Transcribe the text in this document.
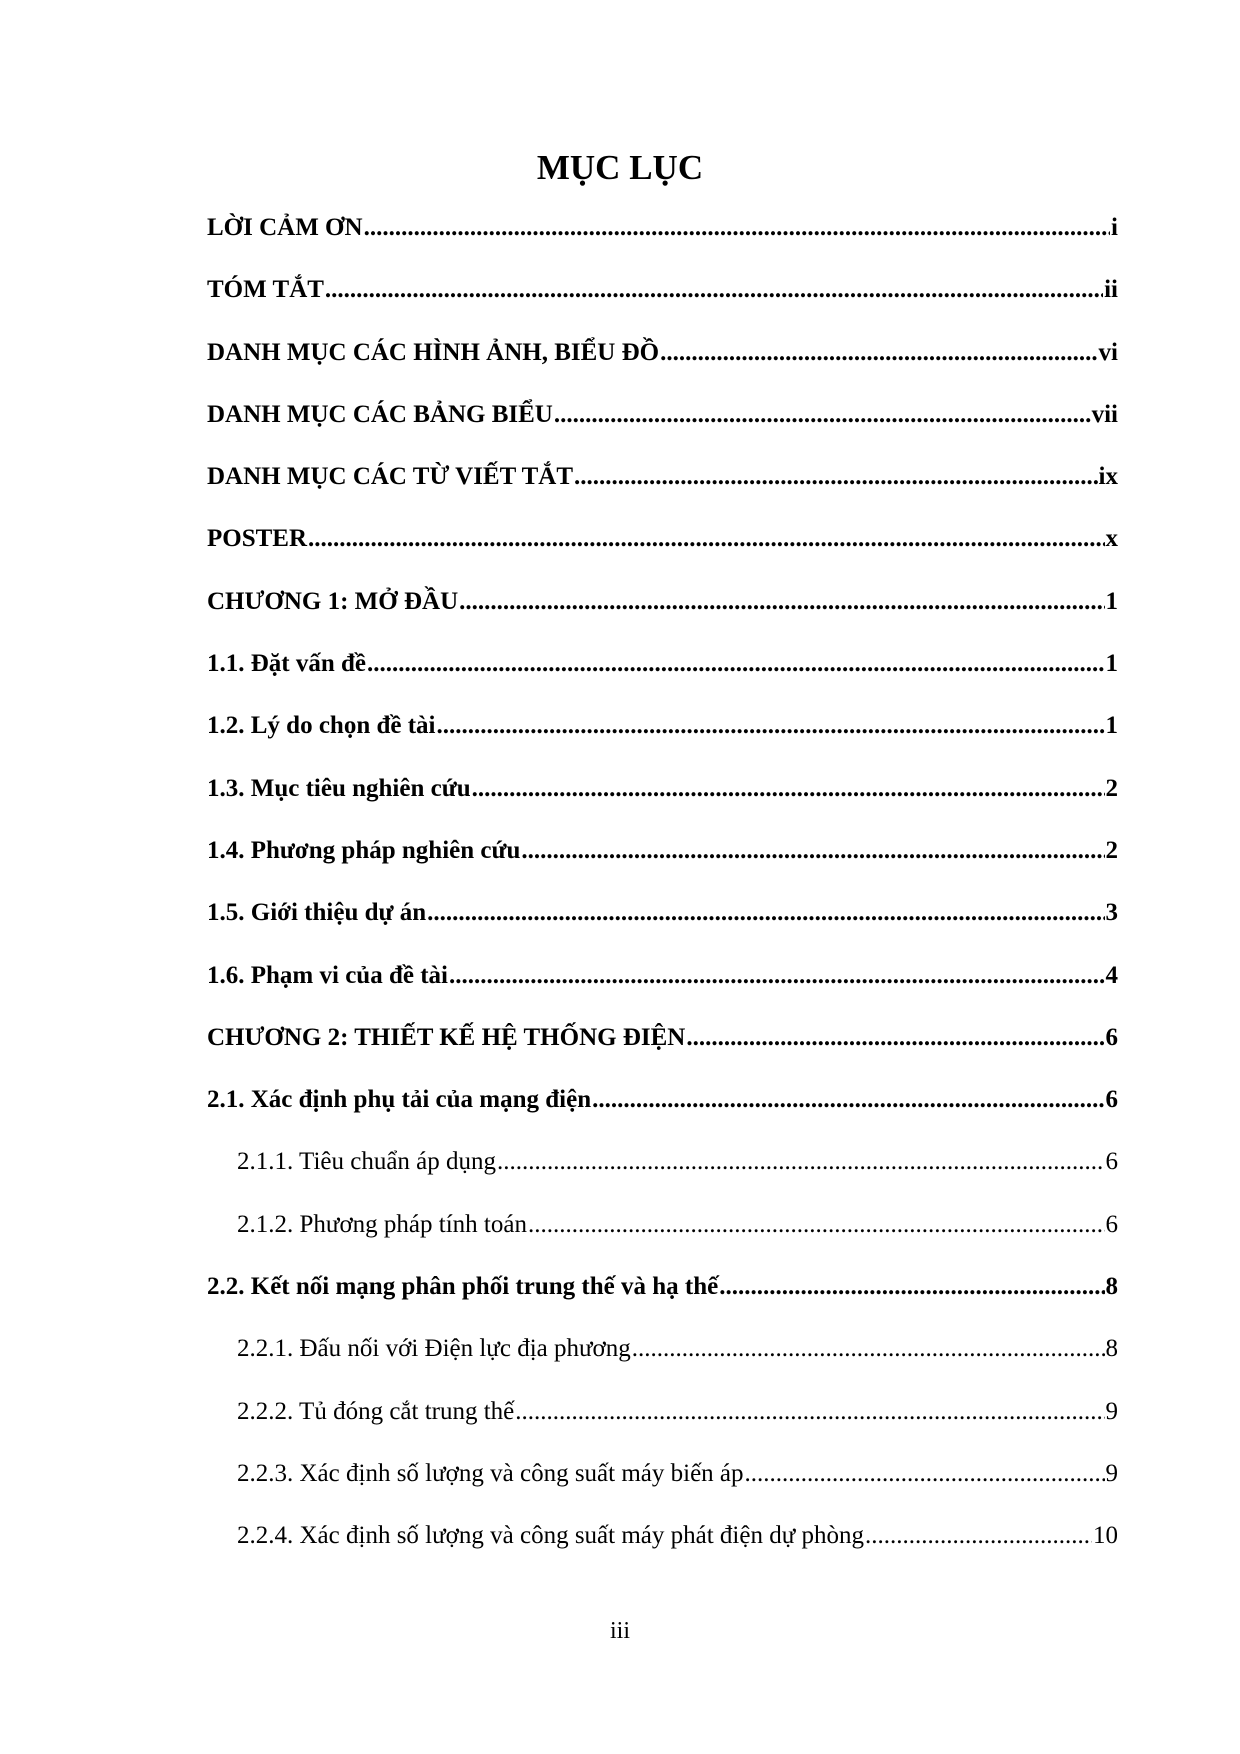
MỤC LỤC
LỜI CẢM ƠN .....	i
TÓM TẮT .....	ii
DANH MỤC CÁC HÌNH ẢNH, BIỂU ĐỒ .....	vi
DANH MỤC CÁC BẢNG BIỂU .....	vii
DANH MỤC CÁC TỪ VIẾT TẮT .....	ix
POSTER .....	x
CHƯƠNG 1: MỞ ĐẦU .....	1
1.1. Đặt vấn đề .....	1
1.2. Lý do chọn đề tài .....	1
1.3. Mục tiêu nghiên cứu .....	2
1.4. Phương pháp nghiên cứu .....	2
1.5. Giới thiệu dự án .....	3
1.6. Phạm vi của đề tài .....	4
CHƯƠNG 2: THIẾT KẾ HỆ THỐNG ĐIỆN .....	6
2.1. Xác định phụ tải của mạng điện .....	6
2.1.1. Tiêu chuẩn áp dụng .....	6
2.1.2. Phương pháp tính toán .....	6
2.2. Kết nối mạng phân phối trung thế và hạ thế .....	8
2.2.1. Đấu nối với Điện lực địa phương .....	8
2.2.2. Tủ đóng cắt trung thế .....	9
2.2.3. Xác định số lượng và công suất máy biến áp .....	9
2.2.4. Xác định số lượng và công suất máy phát điện dự phòng .....	10
iii
